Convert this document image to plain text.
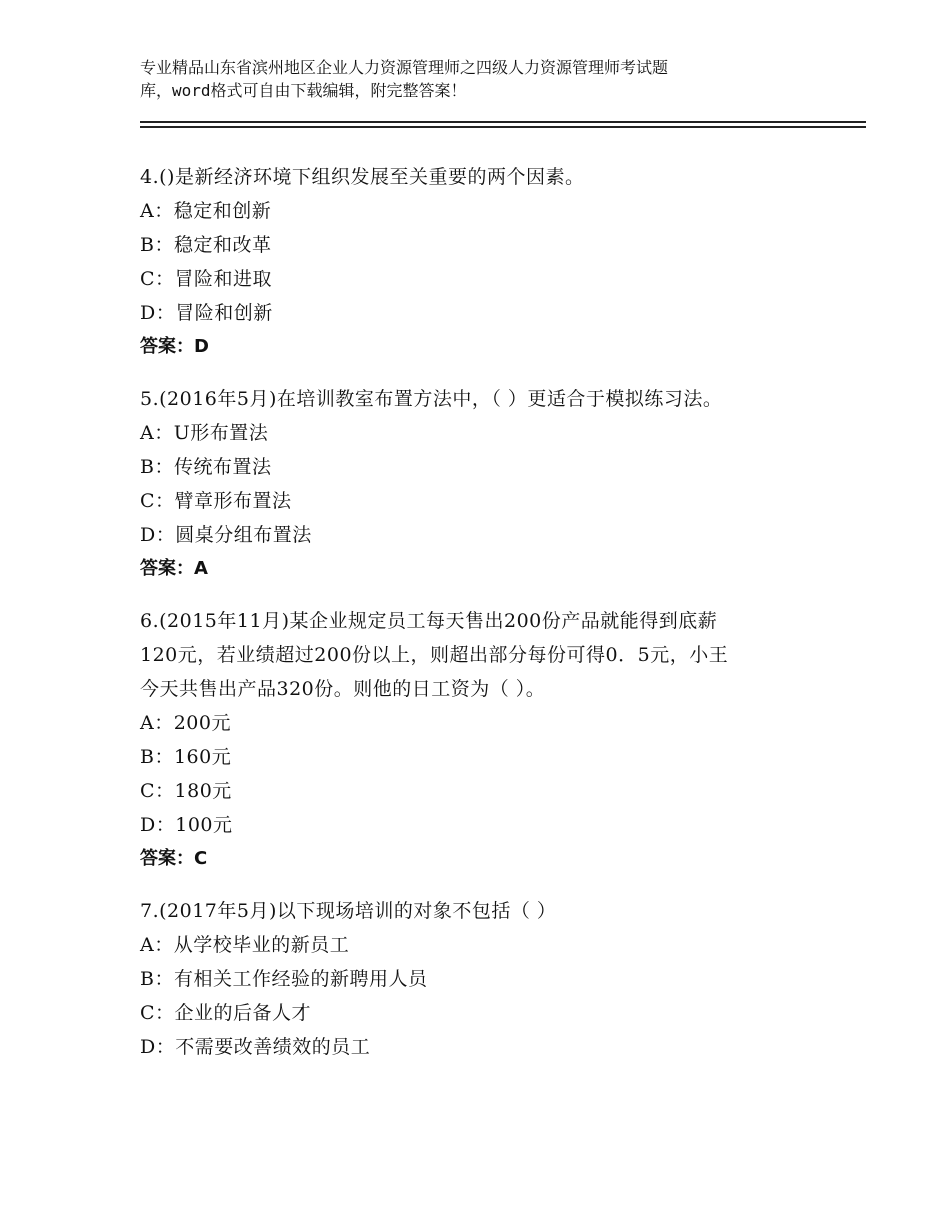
专业精品山东省滨州地区企业人力资源管理师之四级人力资源管理师考试题
库，word格式可自由下载编辑，附完整答案！

4.()是新经济环境下组织发展至关重要的两个因素。

A：稳定和创新

B：稳定和改革

C：冒险和进取

D：冒险和创新

答案：D

5.(2016年5月)在培训教室布置方法中，（ ）更适合于模拟练习法。

A：U形布置法

B：传统布置法

C：臂章形布置法

D：圆桌分组布置法

答案：A

6.(2015年11月)某企业规定员工每天售出200份产品就能得到底薪

120元，若业绩超过200份以上，则超出部分每份可得0．5元，小王

今天共售出产品320份。则他的日工资为（ ）。

A：200元

B：160元

C：180元

D：100元

答案：C

7.(2017年5月)以下现场培训的对象不包括（ ）

A：从学校毕业的新员工

B：有相关工作经验的新聘用人员

C：企业的后备人才

D：不需要改善绩效的员工
